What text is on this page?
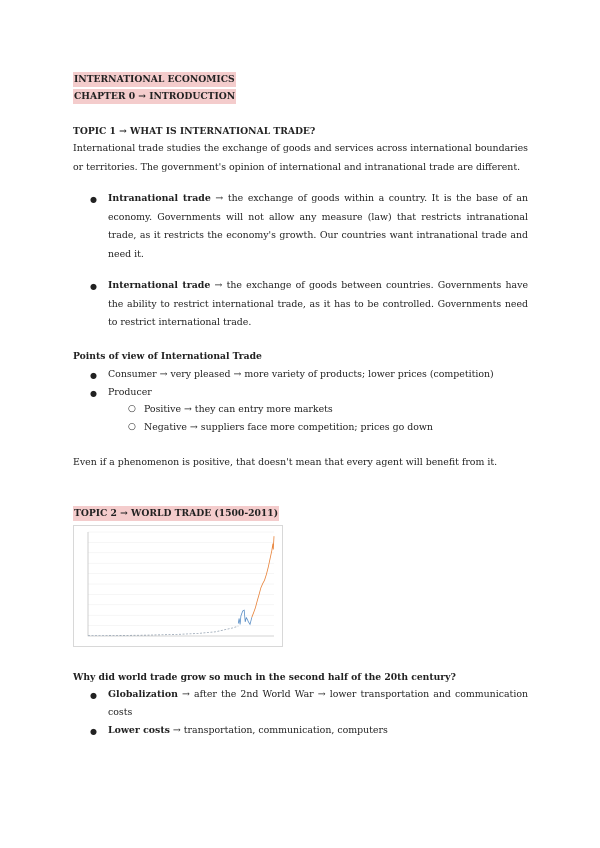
INTERNATIONAL ECONOMICS
CHAPTER 0 → INTRODUCTION
TOPIC 1 → WHAT IS INTERNATIONAL TRADE?
International trade studies the exchange of goods and services across international boundaries or territories. The government's opinion of international and intranational trade are different.
●	Intranational trade → the exchange of goods within a country. It is the base of an economy. Governments will not allow any measure (law) that restricts intranational trade, as it restricts the economy's growth. Our countries want intranational trade and need it.
●	International trade → the exchange of goods between countries. Governments have the ability to restrict international trade, as it has to be controlled. Governments need to restrict international trade.
Points of view of International Trade
●	Consumer → very pleased → more variety of products; lower prices (competition)
●	Producer
○ Positive → they can entry more markets
○ Negative → suppliers face more competition; prices go down
Even if a phenomenon is positive, that doesn't mean that every agent will benefit from it.
TOPIC 2 → WORLD TRADE (1500-2011)
Why did world trade grow so much in the second half of the 20th century?
●	Globalization → after the 2nd World War → lower transportation and communication costs
●	Lower costs → transportation, communication, computers
